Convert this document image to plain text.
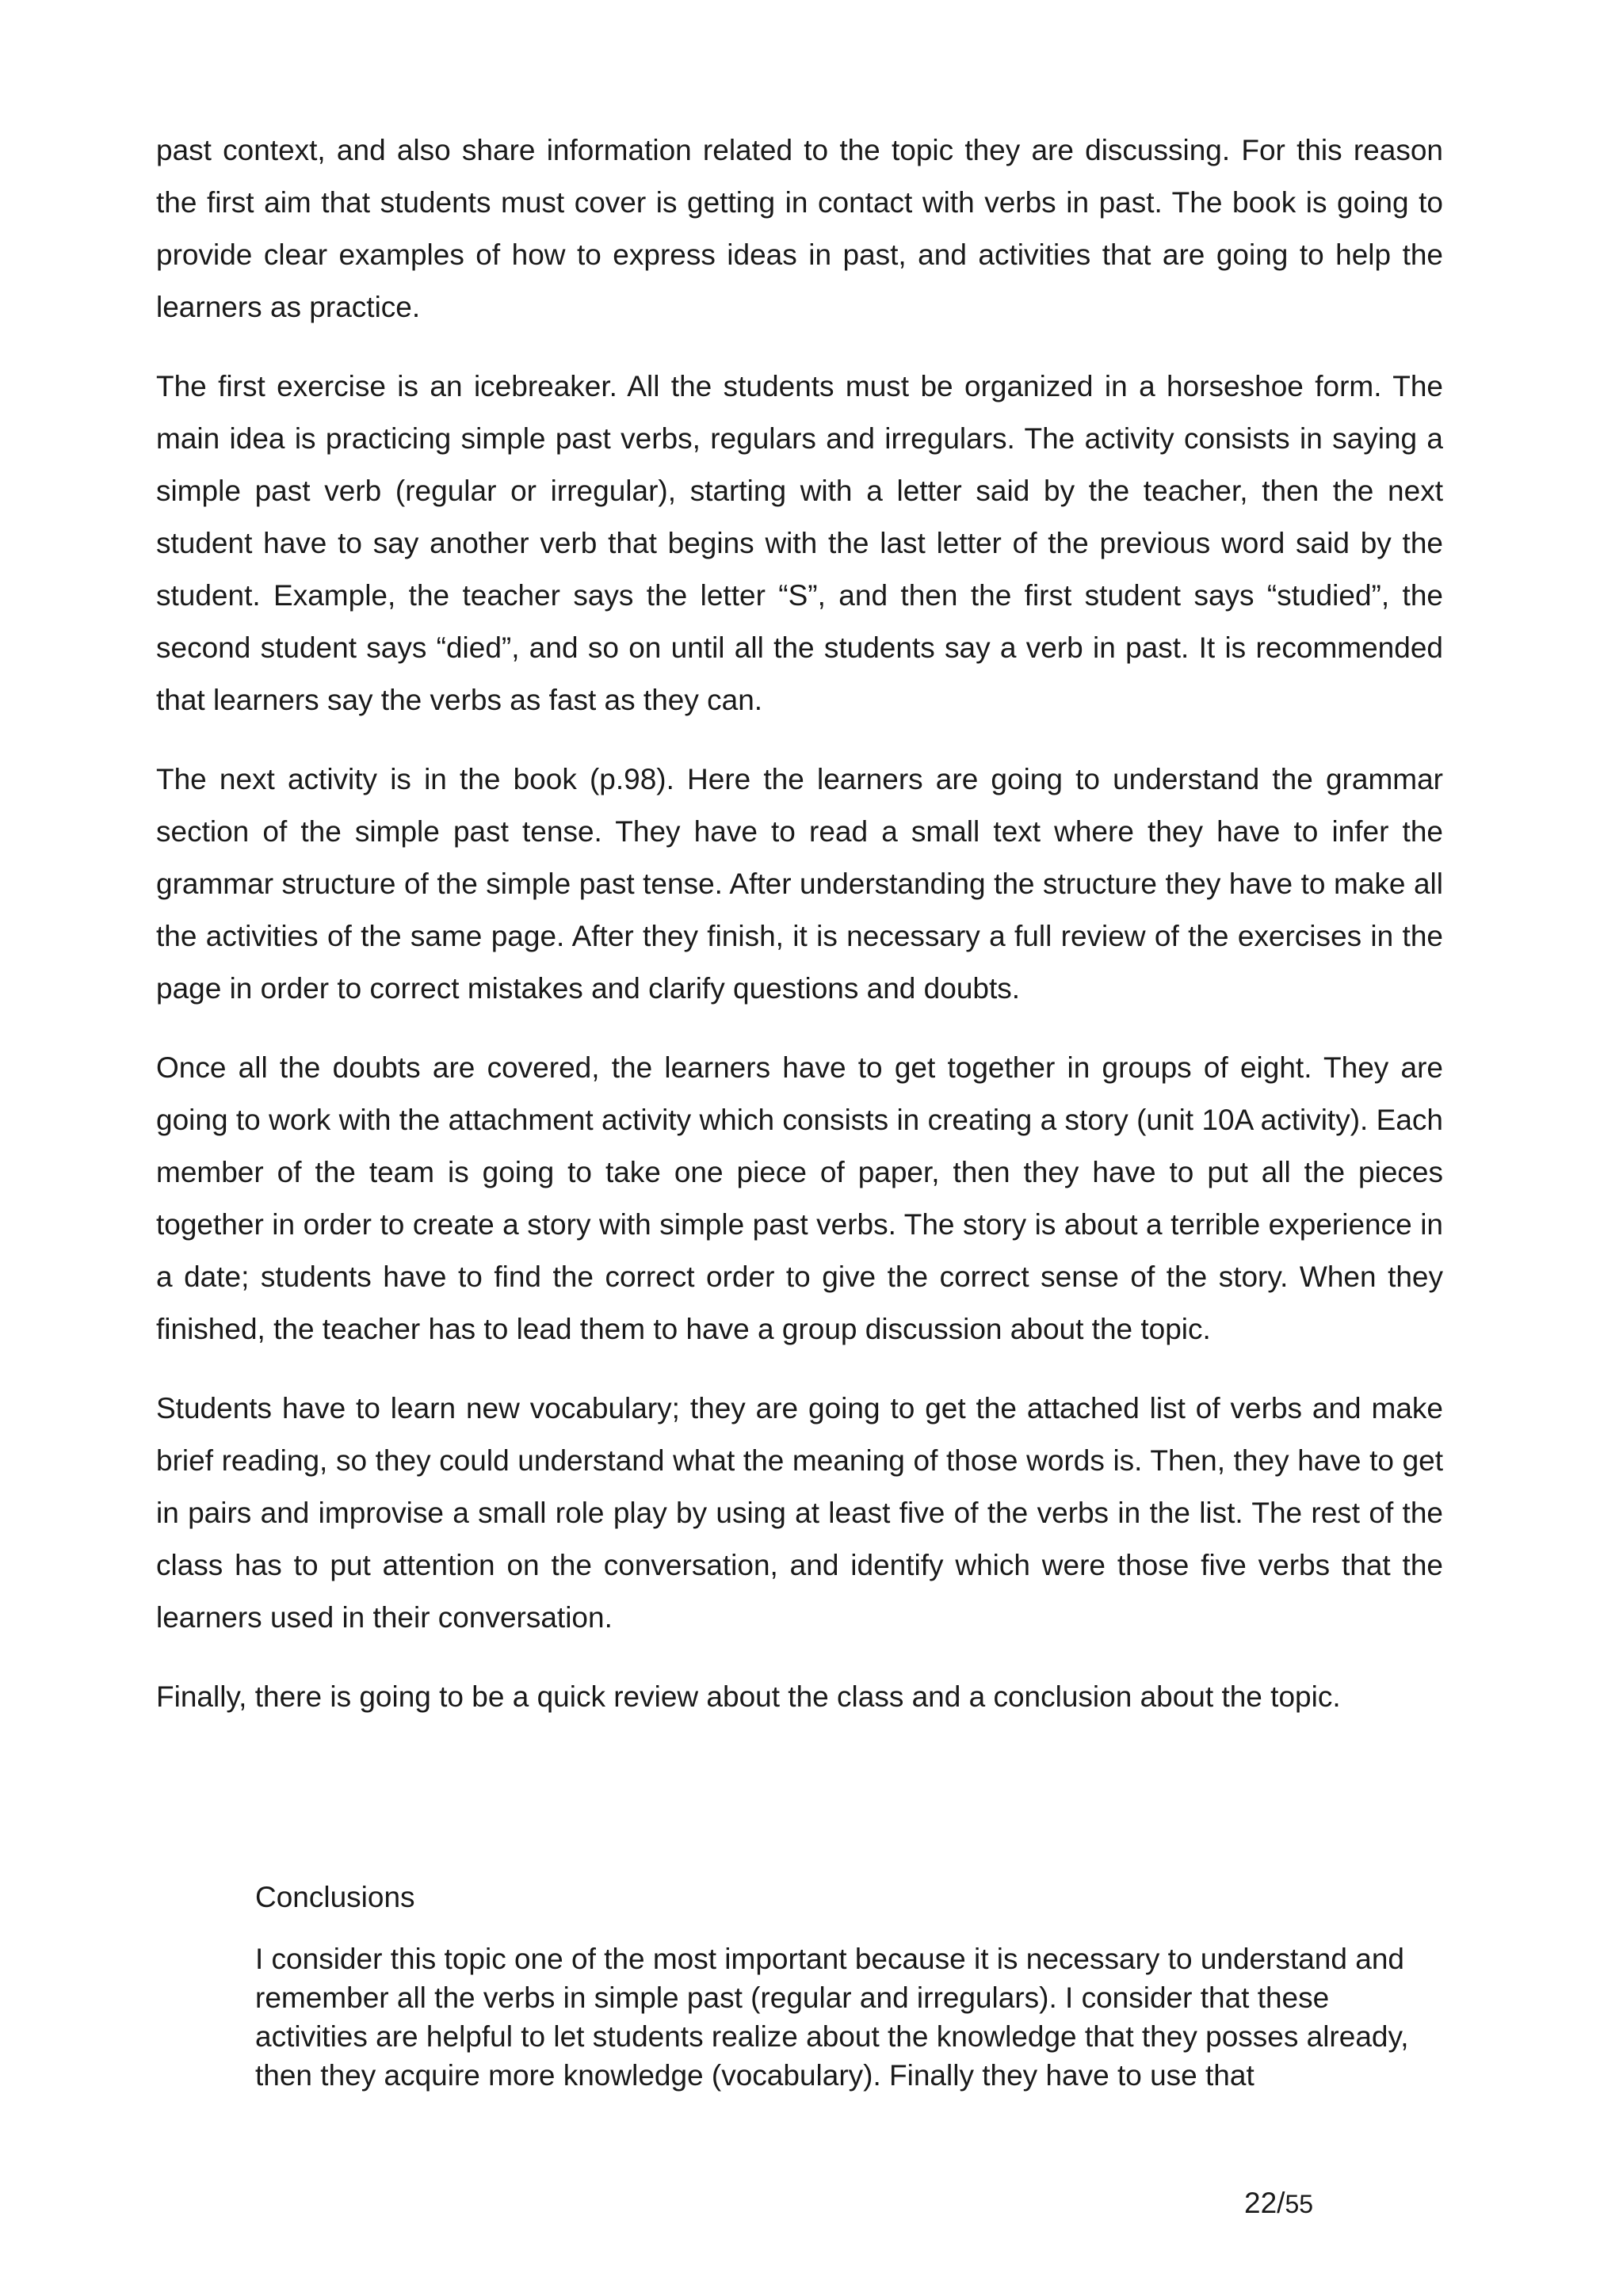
past context, and also share information related to the topic they are discussing. For this reason the first aim that students must cover is getting in contact with verbs in past. The book is going to provide clear examples of how to express ideas in past, and activities that are going to help the learners as practice.

The first exercise is an icebreaker. All the students must be organized in a horseshoe form. The main idea is practicing simple past verbs, regulars and irregulars. The activity consists in saying a simple past verb (regular or irregular), starting with a letter said by the teacher, then the next student have to say another verb that begins with the last letter of the previous word said by the student. Example, the teacher says the letter “S”, and then the first student says “studied”, the second student says “died”, and so on until all the students say a verb in past. It is recommended that learners say the verbs as fast as they can.

The next activity is in the book (p.98). Here the learners are going to understand the grammar section of the simple past tense. They have to read a small text where they have to infer the grammar structure of the simple past tense. After understanding the structure they have to make all the activities of the same page. After they finish, it is necessary a full review of the exercises in the page in order to correct mistakes and clarify questions and doubts.

Once all the doubts are covered, the learners have to get together in groups of eight. They are going to work with the attachment activity which consists in creating a story (unit 10A activity). Each member of the team is going to take one piece of paper, then they have to put all the pieces together in order to create a story with simple past verbs. The story is about a terrible experience in a date; students have to find the correct order to give the correct sense of the story. When they finished, the teacher has to lead them to have a group discussion about the topic.

Students have to learn new vocabulary; they are going to get the attached list of verbs and make brief reading, so they could understand what the meaning of those words is. Then, they have to get in pairs and improvise a small role play by using at least five of the verbs in the list. The rest of the class has to put attention on the conversation, and identify which were those five verbs that the learners used in their conversation.

Finally, there is going to be a quick review about the class and a conclusion about the topic.

Conclusions

I consider this topic one of the most important because it is necessary to understand and remember all the verbs in simple past (regular and irregulars). I consider that these activities are helpful to let students realize about the knowledge that they posses already, then they acquire more knowledge (vocabulary). Finally they have to use that

22/55
